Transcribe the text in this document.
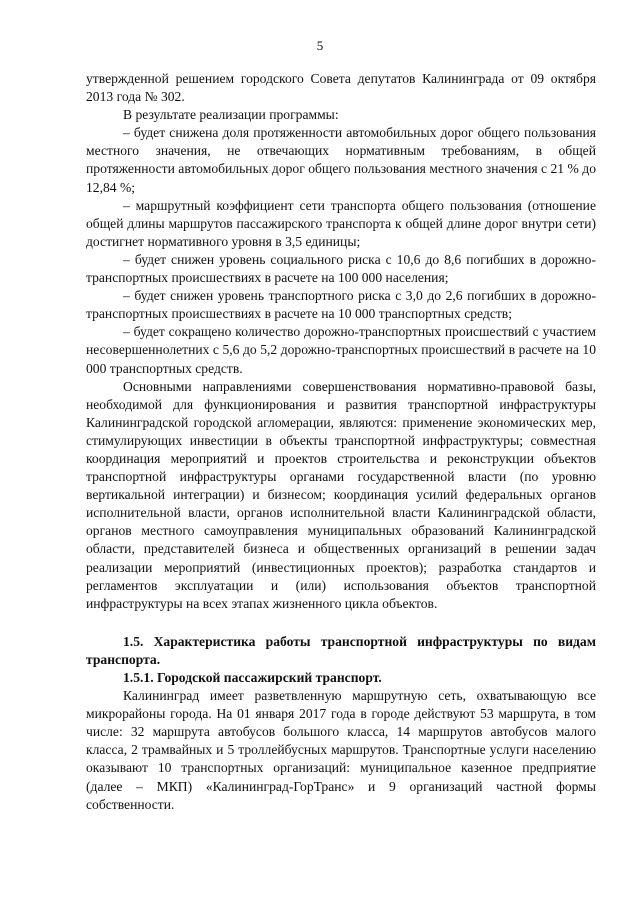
5

утвержденной решением городского Совета депутатов Калининграда от 09 октября 2013 года № 302.

В результате реализации программы:

– будет снижена доля протяженности автомобильных дорог общего пользования местного значения, не отвечающих нормативным требованиям, в общей протяженности автомобильных дорог общего пользования местного значения с 21 % до 12,84 %;

– маршрутный коэффициент сети транспорта общего пользования (отношение общей длины маршрутов пассажирского транспорта к общей длине дорог внутри сети) достигнет нормативного уровня в 3,5 единицы;

– будет снижен уровень социального риска с 10,6 до 8,6 погибших в дорожно-транспортных происшествиях в расчете на 100 000 населения;

– будет снижен уровень транспортного риска с 3,0 до 2,6 погибших в дорожно-транспортных происшествиях в расчете на 10 000 транспортных средств;

– будет сокращено количество дорожно-транспортных происшествий с участием несовершеннолетних с 5,6 до 5,2 дорожно-транспортных происшествий в расчете на 10 000 транспортных средств.

Основными направлениями совершенствования нормативно-правовой базы, необходимой для функционирования и развития транспортной инфраструктуры Калининградской городской агломерации, являются: применение экономических мер, стимулирующих инвестиции в объекты транспортной инфраструктуры; совместная координация мероприятий и проектов строительства и реконструкции объектов транспортной инфраструктуры органами государственной власти (по уровню вертикальной интеграции) и бизнесом; координация усилий федеральных органов исполнительной власти, органов исполнительной власти Калининградской области, органов местного самоуправления муниципальных образований Калининградской области, представителей бизнеса и общественных организаций в решении задач реализации мероприятий (инвестиционных проектов); разработка стандартов и регламентов эксплуатации и (или) использования объектов транспортной инфраструктуры на всех этапах жизненного цикла объектов.

1.5. Характеристика работы транспортной инфраструктуры по видам транспорта.

1.5.1. Городской пассажирский транспорт.

Калининград имеет разветвленную маршрутную сеть, охватывающую все микрорайоны города. На 01 января 2017 года в городе действуют 53 маршрута, в том числе: 32 маршрута автобусов большого класса, 14 маршрутов автобусов малого класса, 2 трамвайных и 5 троллейбусных маршрутов. Транспортные услуги населению оказывают 10 транспортных организаций: муниципальное казенное предприятие (далее – МКП) «Калининград-ГорТранс» и 9 организаций частной формы собственности.
